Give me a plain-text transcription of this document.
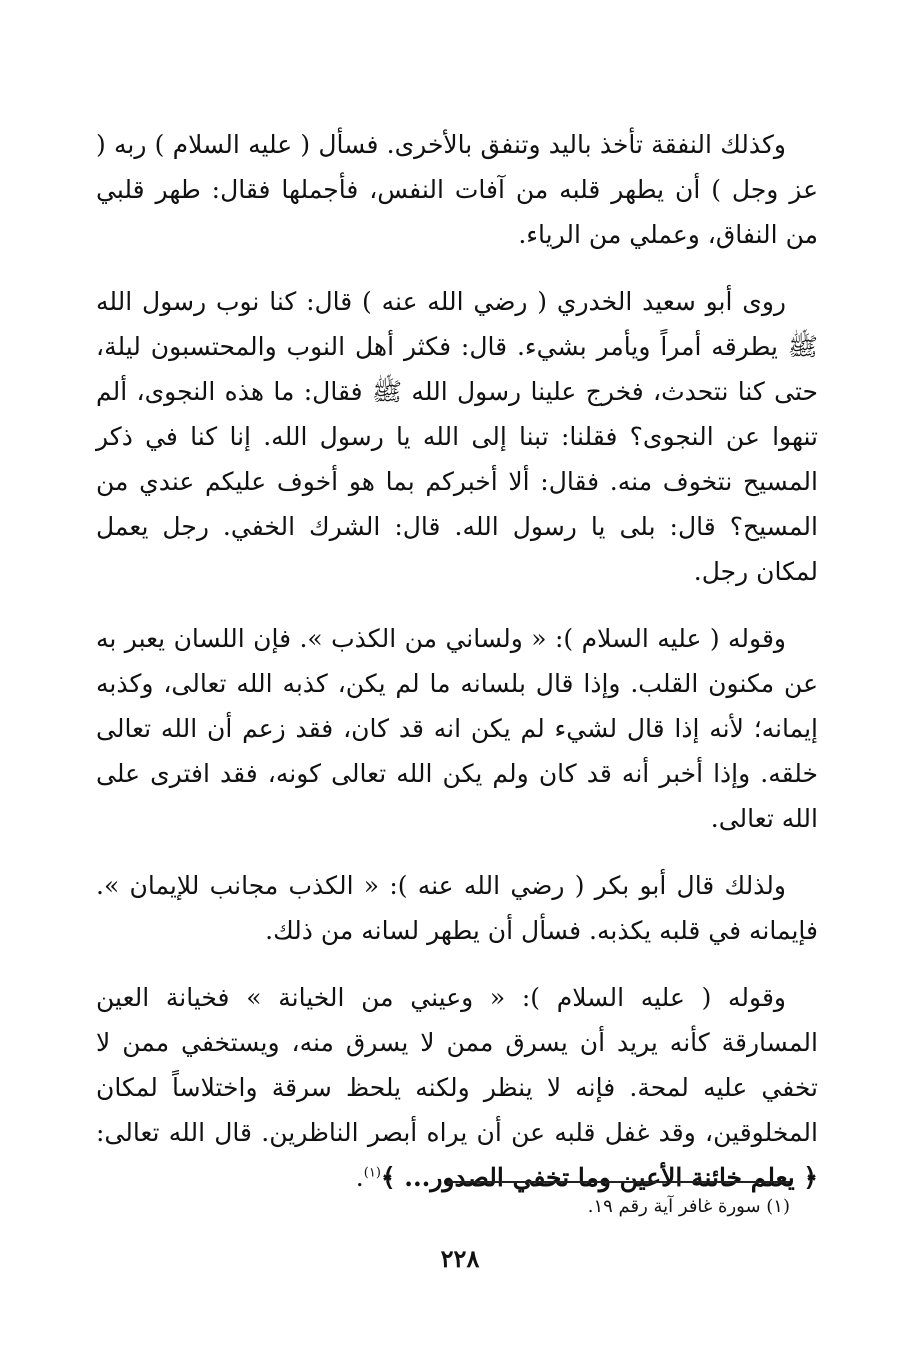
وكذلك النفقة تأخذ باليد وتنفق بالأخرى. فسأل ( عليه السلام ) ربه ( عز وجل ) أن يطهر قلبه من آفات النفس، فأجملها فقال: طهر قلبي من النفاق، وعملي من الرياء.

روى أبو سعيد الخدري ( رضي الله عنه ) قال: كنا نوب رسول الله ﷺ يطرقه أمراً ويأمر بشيء. قال: فكثر أهل النوب والمحتسبون ليلة، حتى كنا نتحدث، فخرج علينا رسول الله ﷺ فقال: ما هذه النجوى، ألم تنهوا عن النجوى؟ فقلنا: تبنا إلى الله يا رسول الله. إنا كنا في ذكر المسيح نتخوف منه. فقال: ألا أخبركم بما هو أخوف عليكم عندي من المسيح؟ قال: بلى يا رسول الله. قال: الشرك الخفي. رجل يعمل لمكان رجل.

وقوله ( عليه السلام ): « ولساني من الكذب ». فإن اللسان يعبر به عن مكنون القلب. وإذا قال بلسانه ما لم يكن، كذبه الله تعالى، وكذبه إيمانه؛ لأنه إذا قال لشيء لم يكن انه قد كان، فقد زعم أن الله تعالى خلقه. وإذا أخبر أنه قد كان ولم يكن الله تعالى كونه، فقد افترى على الله تعالى.

ولذلك قال أبو بكر ( رضي الله عنه ): « الكذب مجانب للإيمان ». فإيمانه في قلبه يكذبه. فسأل أن يطهر لسانه من ذلك.

وقوله ( عليه السلام ): « وعيني من الخيانة » فخيانة العين المسارقة كأنه يريد أن يسرق ممن لا يسرق منه، ويستخفي ممن لا تخفي عليه لمحة. فإنه لا ينظر ولكنه يلحظ سرقة واختلاساً لمكان المخلوقين، وقد غفل قلبه عن أن يراه أبصر الناظرين. قال الله تعالى: ﴿ يعلم خائنة الأعين وما تخفي الصدور... ﴾$^{(١)}$.

(١) سورة غافر آية رقم ١٩.
٢٢٨
